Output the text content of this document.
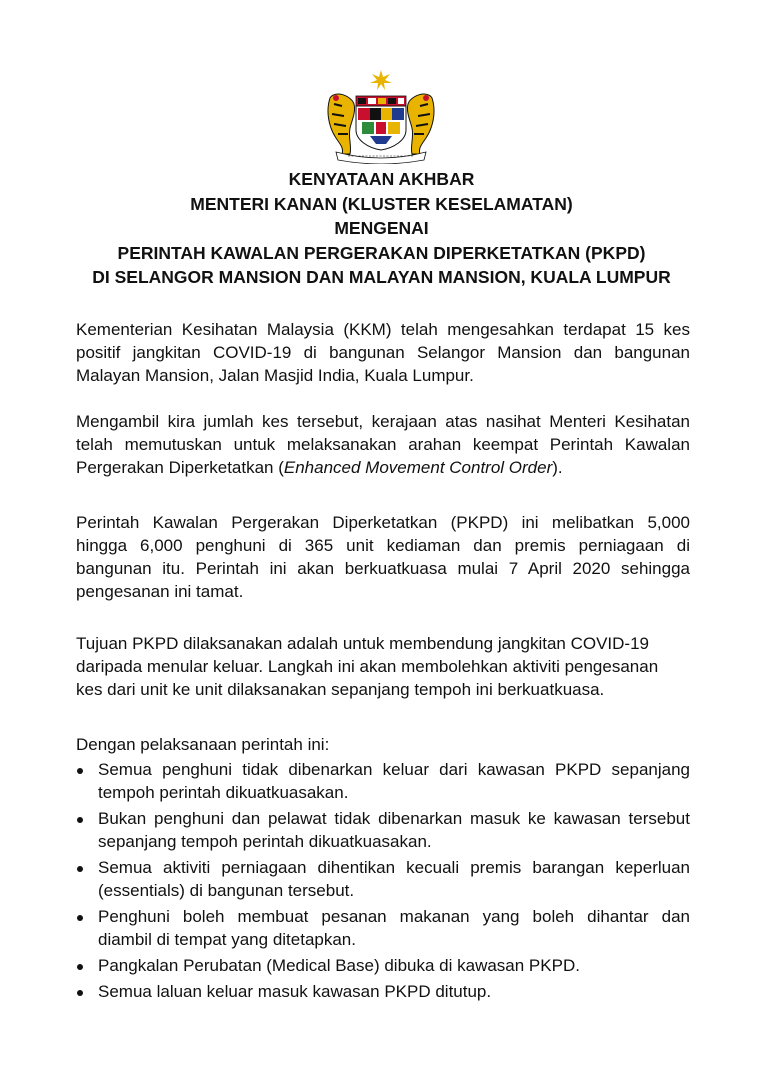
KENYATAAN AKHBAR
MENTERI KANAN (KLUSTER KESELAMATAN)
MENGENAI
PERINTAH KAWALAN PERGERAKAN DIPERKETATKAN (PKPD)
DI SELANGOR MANSION DAN MALAYAN MANSION, KUALA LUMPUR
Kementerian Kesihatan Malaysia (KKM) telah mengesahkan terdapat 15 kes
positif jangkitan COVID-19 di bangunan Selangor Mansion dan bangunan
Malayan Mansion, Jalan Masjid India, Kuala Lumpur.
Mengambil kira jumlah kes tersebut, kerajaan atas nasihat Menteri Kesihatan
telah memutuskan untuk melaksanakan arahan keempat Perintah Kawalan
Pergerakan Diperketatkan (Enhanced Movement Control Order).
Perintah Kawalan Pergerakan Diperketatkan (PKPD) ini melibatkan 5,000
hingga 6,000 penghuni di 365 unit kediaman dan premis perniagaan di
bangunan itu. Perintah ini akan berkuatkuasa mulai 7 April 2020 sehingga
pengesanan ini tamat.
Tujuan PKPD dilaksanakan adalah untuk membendung jangkitan COVID-19
daripada menular keluar. Langkah ini akan membolehkan aktiviti pengesanan
kes dari unit ke unit dilaksanakan sepanjang tempoh ini berkuatkuasa.
Dengan pelaksanaan perintah ini:
Semua penghuni tidak dibenarkan keluar dari kawasan PKPD sepanjang
tempoh perintah dikuatkuasakan.
Bukan penghuni dan pelawat tidak dibenarkan masuk ke kawasan tersebut
sepanjang tempoh perintah dikuatkuasakan.
Semua aktiviti perniagaan dihentikan kecuali premis barangan keperluan
(essentials) di bangunan tersebut.
Penghuni boleh membuat pesanan makanan yang boleh dihantar dan
diambil di tempat yang ditetapkan.
Pangkalan Perubatan (Medical Base) dibuka di kawasan PKPD.
Semua laluan keluar masuk kawasan PKPD ditutup.
